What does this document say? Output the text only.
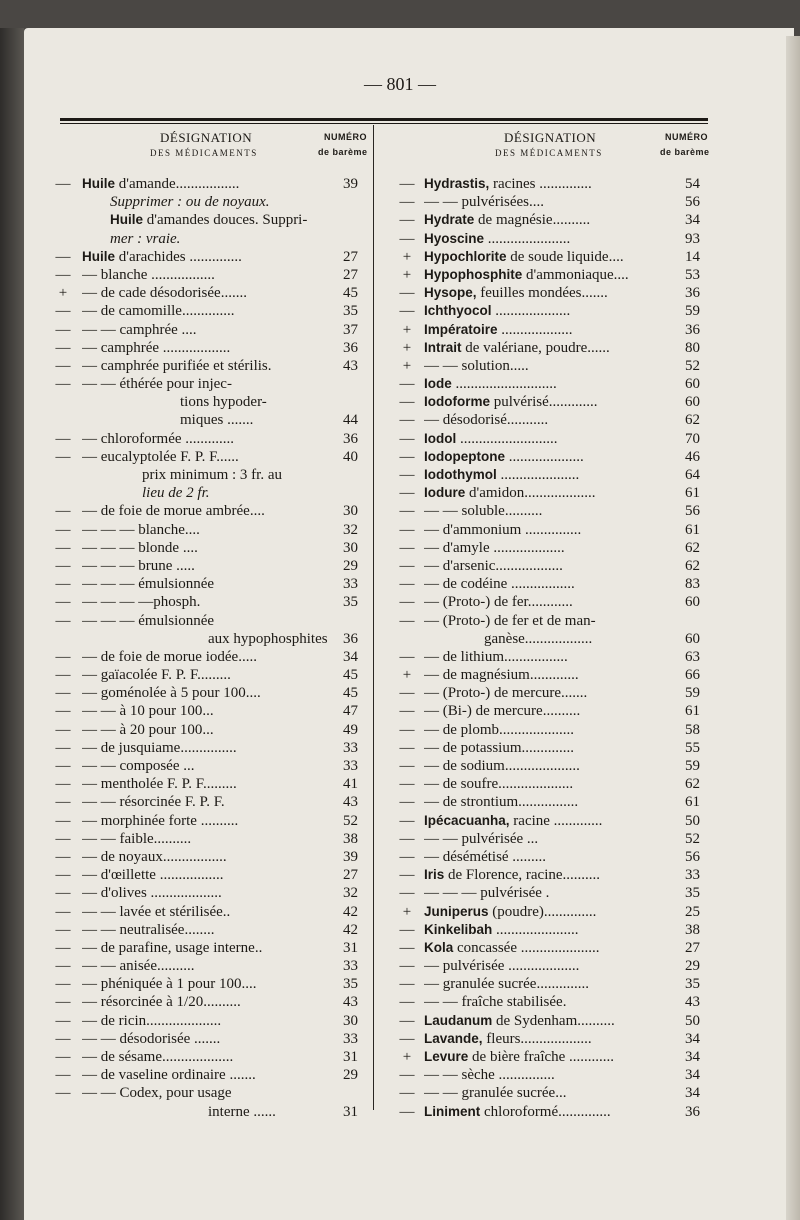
— 801 —
DÉSIGNATION
DES MÉDICAMENTS
NUMÉRO
de barème
DÉSIGNATION
DES MÉDICAMENTS
NUMÉRO
de barème
— Huile d'amande.................	39
Supprimer : ou de noyaux.
Huile d'amandes douces. Suppri-
mer : vraie.
— Huile d'arachides ..............	27
— — blanche .................	27
+ — de cade désodorisée.......	45
— — de camomille..............	35
— — — camphrée ....	37
— — camphrée ..................	36
— — camphrée purifiée et stérilis.	43
— — — éthérée pour injec-
tions hypoder-
miques .......	44
— — chloroformée .............	36
— — eucalyptolée F. P. F......	40
prix minimum : 3 fr. au
lieu de 2 fr.
— — de foie de morue ambrée....	30
— — — — blanche....	32
— — — — blonde ....	30
— — — — brune .....	29
— — — — émulsionnée	33
— — — — —phosph.	35
— — — — émulsionnée
aux hypophosphites	36
— — de foie de morue iodée.....	34
— — gaïacolée F. P. F.........	45
— — goménolée à 5 pour 100....	45
— — — à 10 pour 100...	47
— — — à 20 pour 100...	49
— — de jusquiame...............	33
— — — composée ...	33
— — mentholée F. P. F.........	41
— — — résorcinée F. P. F.	43
— — morphinée forte ..........	52
— — — faible..........	38
— — de noyaux.................	39
— — d'œillette .................	27
— — d'olives ...................	32
— — — lavée et stérilisée..	42
— — — neutralisée........	42
— — de parafine, usage interne..	31
— — — anisée..........	33
— — phéniquée à 1 pour 100....	35
— — résorcinée à 1/20..........	43
— — de ricin....................	30
— — — désodorisée .......	33
— — de sésame...................	31
— — de vaseline ordinaire .......	29
— — — Codex, pour usage
interne ......	31
— Hydrastis, racines ..............	54
— — — pulvérisées....	56
— Hydrate de magnésie..........	34
— Hyoscine ......................	93
+ Hypochlorite de soude liquide....	14
+ Hypophosphite d'ammoniaque....	53
— Hysope, feuilles mondées.......	36
— Ichthyocol ....................	59
+ Impératoire ...................	36
+ Intrait de valériane, poudre......	80
+ — — solution.....	52
— Iode ...........................	60
— Iodoforme pulvérisé.............	60
— — désodorisé...........	62
— Iodol ..........................	70
— Iodopeptone ....................	46
— Iodothymol .....................	64
— Iodure d'amidon...................	61
— — — soluble..........	56
— — d'ammonium ...............	61
— — d'amyle ...................	62
— — d'arsenic..................	62
— — de codéine .................	83
— — (Proto-) de fer............	60
— — (Proto-) de fer et de man-
ganèse..................	60
— — de lithium.................	63
+ — de magnésium.............	66
— — (Proto-) de mercure.......	59
— — (Bi-) de mercure..........	61
— — de plomb....................	58
— — de potassium..............	55
— — de sodium....................	59
— — de soufre....................	62
— — de strontium................	61
— Ipécacuanha, racine .............	50
— — — pulvérisée ...	52
— — désémétisé .........	56
— Iris de Florence, racine..........	33
— — — — pulvérisée .	35
+ Juniperus (poudre)..............	25
— Kinkelibah ......................	38
— Kola concassée .....................	27
— — pulvérisée ...................	29
— — granulée sucrée..............	35
— — — fraîche stabilisée.	43
— Laudanum de Sydenham..........	50
— Lavande, fleurs...................	34
+ Levure de bière fraîche ............	34
— — — sèche ...............	34
— — — granulée sucrée...	34
— Liniment chloroformé..............	36
